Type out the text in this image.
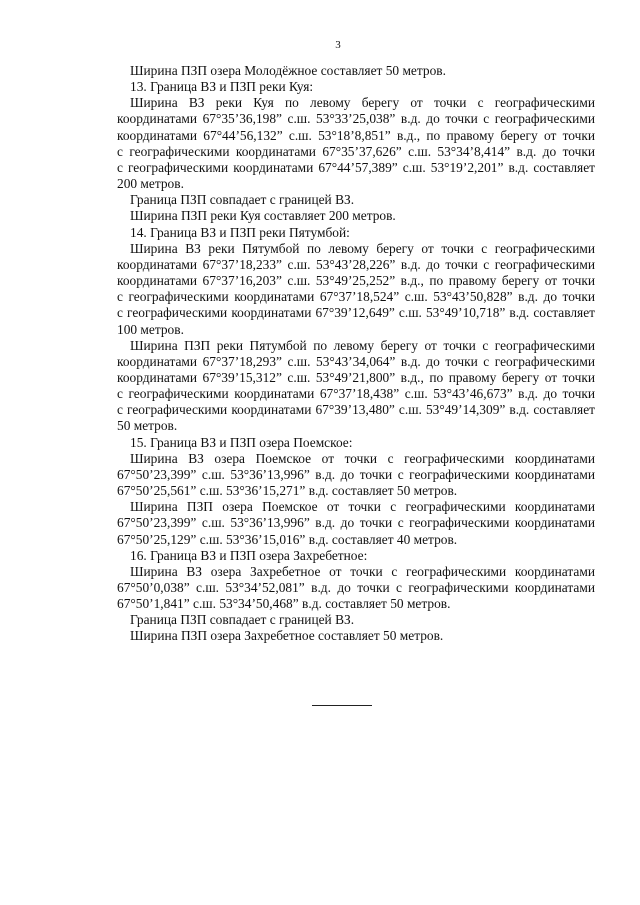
3
Ширина ПЗП озера Молодёжное составляет 50 метров.
13. Граница ВЗ и ПЗП реки Куя:
Ширина ВЗ реки Куя по левому берегу от точки с географическими
координатами 67°35’36,198” с.ш. 53°33’25,038” в.д. до точки с географическими
координатами 67°44’56,132” с.ш. 53°18’8,851” в.д., по правому берегу от точки
с географическими координатами 67°35’37,626” с.ш. 53°34’8,414” в.д. до точки
с географическими координатами 67°44’57,389” с.ш. 53°19’2,201” в.д. составляет
200 метров.
Граница ПЗП совпадает с границей ВЗ.
Ширина ПЗП реки Куя составляет 200 метров.
14. Граница ВЗ и ПЗП реки Пятумбой:
Ширина ВЗ реки Пятумбой по левому берегу от точки с географическими
координатами 67°37’18,233” с.ш. 53°43’28,226” в.д. до точки с географическими
координатами 67°37’16,203” с.ш. 53°49’25,252” в.д., по правому берегу от точки
с географическими координатами 67°37’18,524” с.ш. 53°43’50,828” в.д. до точки
с географическими координатами 67°39’12,649” с.ш. 53°49’10,718” в.д. составляет
100 метров.
Ширина ПЗП реки Пятумбой по левому берегу от точки с географическими
координатами 67°37’18,293” с.ш. 53°43’34,064” в.д. до точки с географическими
координатами 67°39’15,312” с.ш. 53°49’21,800” в.д., по правому берегу от точки
с географическими координатами 67°37’18,438” с.ш. 53°43’46,673” в.д. до точки
с географическими координатами 67°39’13,480” с.ш. 53°49’14,309” в.д. составляет
50 метров.
15. Граница ВЗ и ПЗП озера Поемское:
Ширина ВЗ озера Поемское от точки с географическими координатами
67°50’23,399” с.ш. 53°36’13,996” в.д. до точки с географическими координатами
67°50’25,561” с.ш. 53°36’15,271” в.д. составляет 50 метров.
Ширина ПЗП озера Поемское от точки с географическими координатами
67°50’23,399” с.ш. 53°36’13,996” в.д. до точки с географическими координатами
67°50’25,129” с.ш. 53°36’15,016” в.д. составляет 40 метров.
16. Граница ВЗ и ПЗП озера Захребетное:
Ширина ВЗ озера Захребетное от точки с географическими координатами
67°50’0,038” с.ш. 53°34’52,081” в.д. до точки с географическими координатами
67°50’1,841” с.ш. 53°34’50,468” в.д. составляет 50 метров.
Граница ПЗП совпадает с границей ВЗ.
Ширина ПЗП озера Захребетное составляет 50 метров.
